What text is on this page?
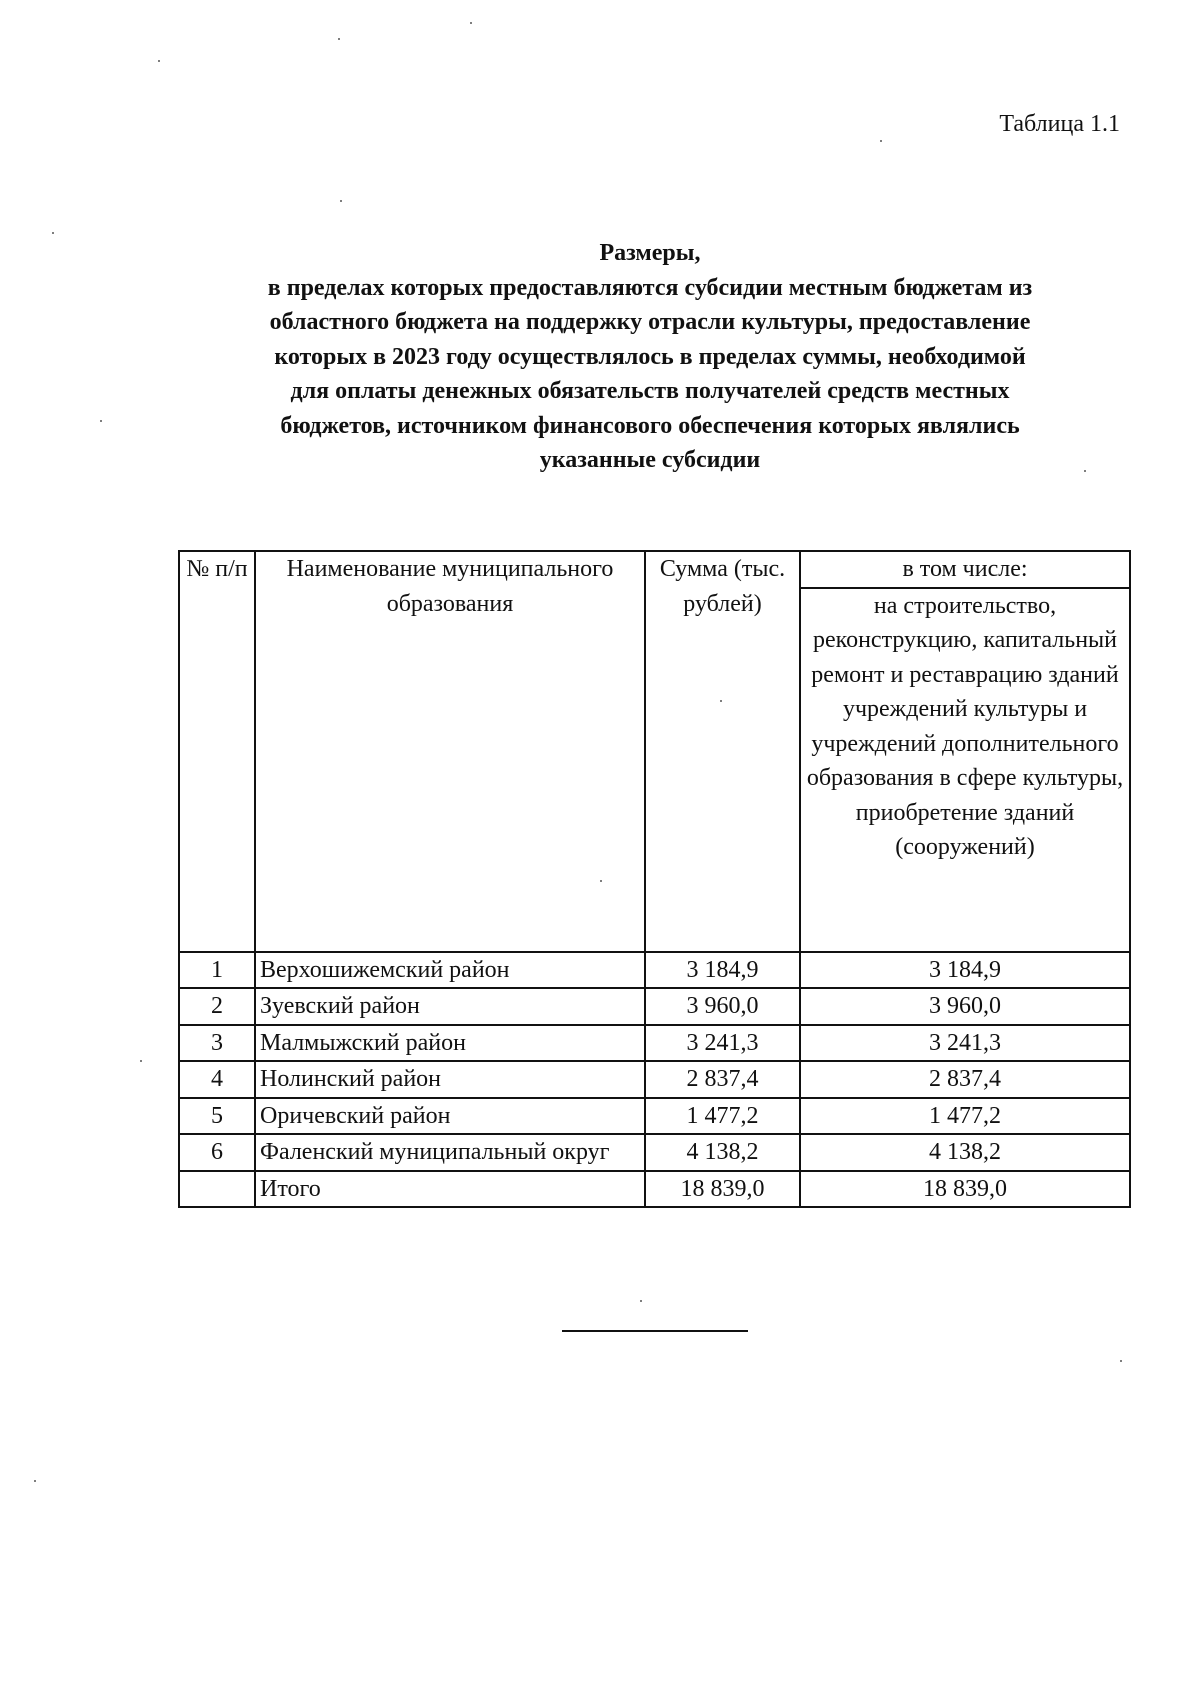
Таблица 1.1
Размеры,
в пределах которых предоставляются субсидии местным бюджетам из
областного бюджета на поддержку отрасли культуры, предоставление
которых в 2023 году осуществлялось в пределах суммы, необходимой
для оплаты денежных обязательств получателей средств местных
бюджетов, источником финансового обеспечения которых являлись
указанные субсидии
№ п/п	Наименование муниципального образования	Сумма (тыс. рублей)	в том числе:
			на строительство, реконструкцию, капитальный ремонт и реставрацию зданий учреждений культуры и учреждений дополнительного образования в сфере культуры, приобретение зданий (сооружений)
1	Верхошижемский район	3 184,9	3 184,9
2	Зуевский район	3 960,0	3 960,0
3	Малмыжский район	3 241,3	3 241,3
4	Нолинский район	2 837,4	2 837,4
5	Оричевский район	1 477,2	1 477,2
6	Фаленский муниципальный округ	4 138,2	4 138,2
	Итого	18 839,0	18 839,0
